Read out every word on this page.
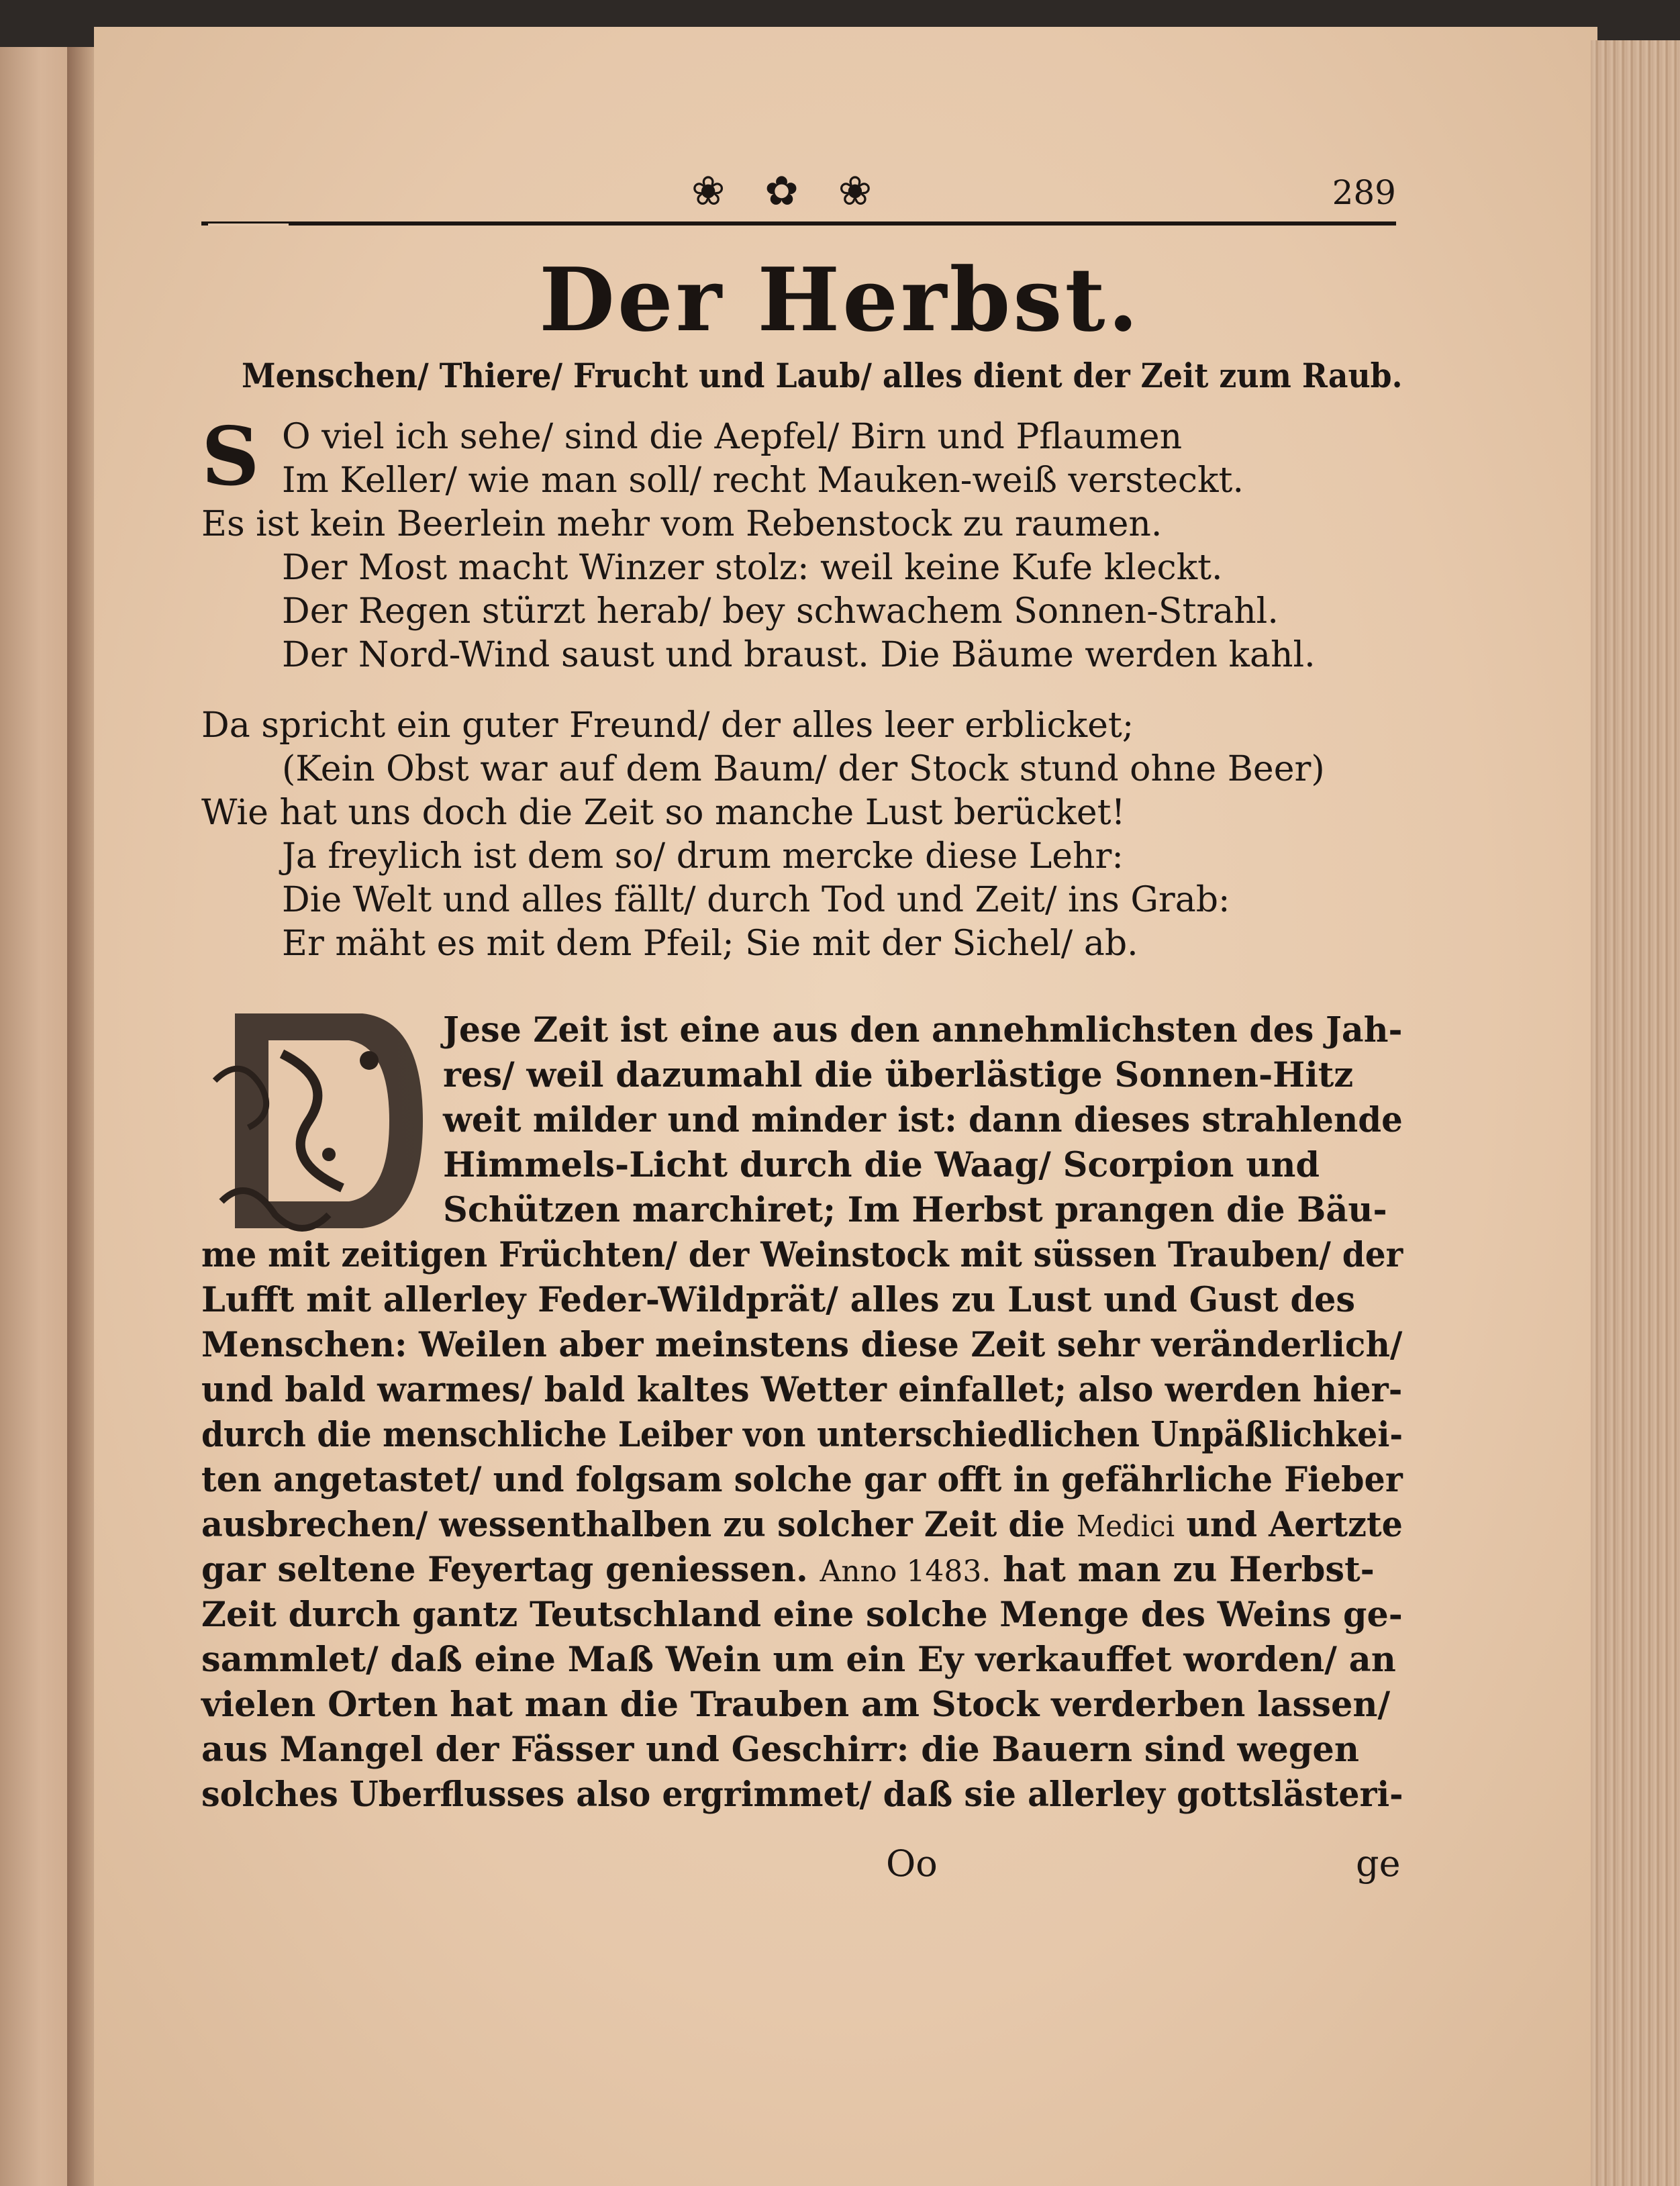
❀ ✿ ❀	289
Der Herbst.
Menschen/ Thiere/ Frucht und Laub/ alles dient der Zeit zum Raub.
S O viel ich sehe/ sind die Aepfel/ Birn und Pflaumen
Im Keller/ wie man soll/ recht Mauken-weiß versteckt.
Es ist kein Beerlein mehr vom Rebenstock zu raumen.
Der Most macht Winzer stolz: weil keine Kufe kleckt.
Der Regen stürzt herab/ bey schwachem Sonnen-Strahl.
Der Nord-Wind saust und braust. Die Bäume werden kahl.
Da spricht ein guter Freund/ der alles leer erblicket;
(Kein Obst war auf dem Baum/ der Stock stund ohne Beer)
Wie hat uns doch die Zeit so manche Lust berücket!
Ja freylich ist dem so/ drum mercke diese Lehr:
Die Welt und alles fällt/ durch Tod und Zeit/ ins Grab:
Er mäht es mit dem Pfeil; Sie mit der Sichel/ ab.
Jese Zeit ist eine aus den annehmlichsten des Jah-
res/ weil dazumahl die überlästige Sonnen-Hitz
weit milder und minder ist: dann dieses strahlende
Himmels-Licht durch die Waag/ Scorpion und
Schützen marchiret; Im Herbst prangen die Bäu-
me mit zeitigen Früchten/ der Weinstock mit süssen Trauben/ der
Lufft mit allerley Feder-Wildprät/ alles zu Lust und Gust des
Menschen: Weilen aber meinstens diese Zeit sehr veränderlich/
und bald warmes/ bald kaltes Wetter einfallet; also werden hier-
durch die menschliche Leiber von unterschiedlichen Unpäßlichkei-
ten angetastet/ und folgsam solche gar offt in gefährliche Fieber
ausbrechen/ wessenthalben zu solcher Zeit die Medici und Aertzte
gar seltene Feyertag geniessen. Anno 1483. hat man zu Herbst-
Zeit durch gantz Teutschland eine solche Menge des Weins ge-
sammlet/ daß eine Maß Wein um ein Ey verkauffet worden/ an
vielen Orten hat man die Trauben am Stock verderben lassen/
aus Mangel der Fässer und Geschirr: die Bauern sind wegen
solches Uberflusses also ergrimmet/ daß sie allerley gottslästeri-
Oo	ge
